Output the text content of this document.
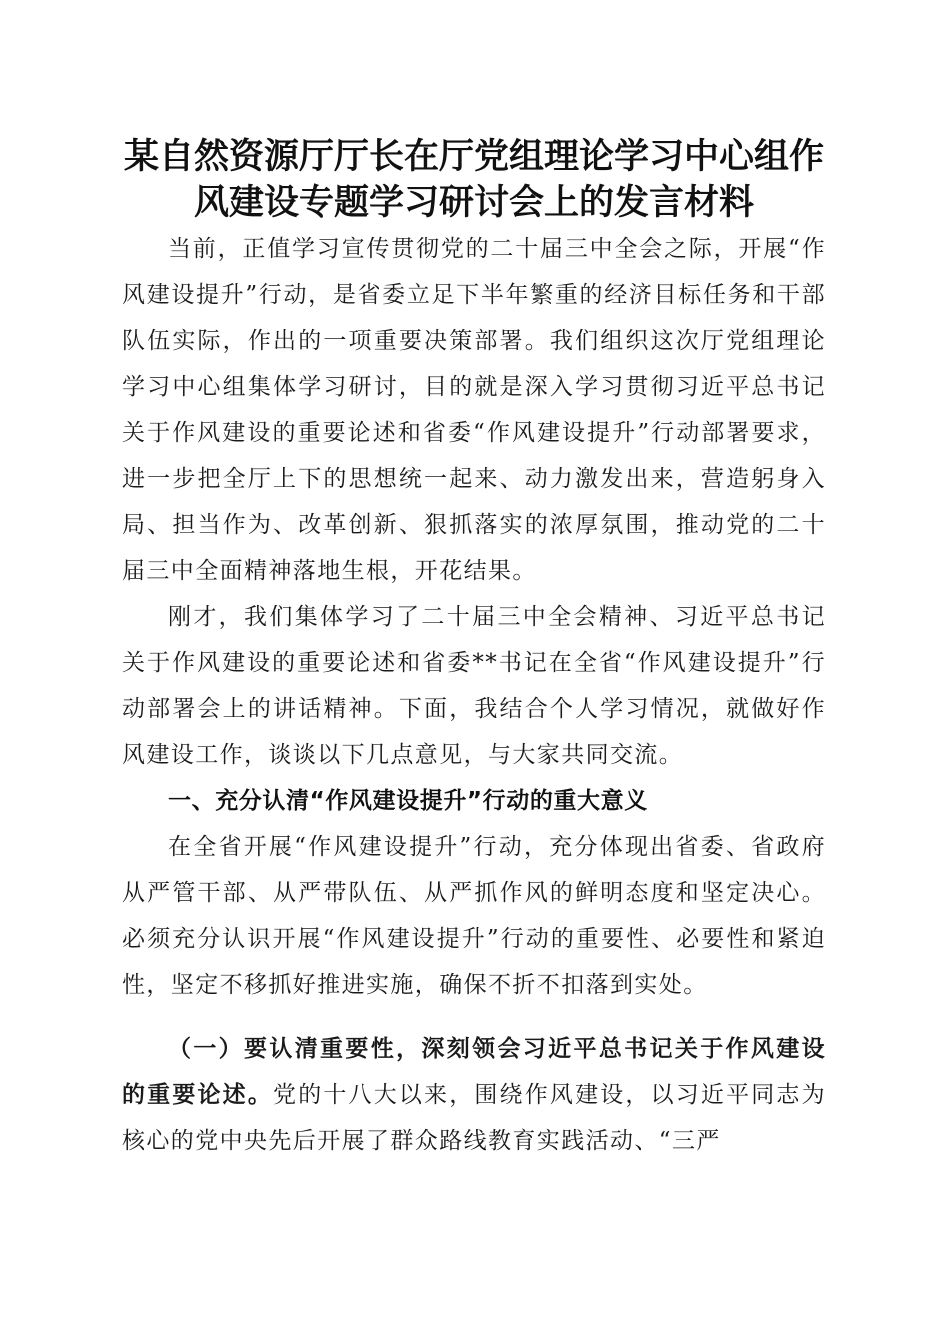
某自然资源厅厅长在厅党组理论学习中心组作
风建设专题学习研讨会上的发言材料

当前，正值学习宣传贯彻党的二十届三中全会之际，开展“作风建设提升”行动，是省委立足下半年繁重的经济目标任务和干部队伍实际，作出的一项重要决策部署。我们组织这次厅党组理论学习中心组集体学习研讨，目的就是深入学习贯彻习近平总书记关于作风建设的重要论述和省委“作风建设提升”行动部署要求，进一步把全厅上下的思想统一起来、动力激发出来，营造躬身入局、担当作为、改革创新、狠抓落实的浓厚氛围，推动党的二十届三中全面精神落地生根，开花结果。

刚才，我们集体学习了二十届三中全会精神、习近平总书记关于作风建设的重要论述和省委**书记在全省“作风建设提升”行动部署会上的讲话精神。下面，我结合个人学习情况，就做好作风建设工作，谈谈以下几点意见，与大家共同交流。

一、充分认清“作风建设提升”行动的重大意义

在全省开展“作风建设提升”行动，充分体现出省委、省政府从严管干部、从严带队伍、从严抓作风的鲜明态度和坚定决心。必须充分认识开展“作风建设提升”行动的重要性、必要性和紧迫性，坚定不移抓好推进实施，确保不折不扣落到实处。

（一）要认清重要性，深刻领会习近平总书记关于作风建设的重要论述。党的十八大以来，围绕作风建设，以习近平同志为核心的党中央先后开展了群众路线教育实践活动、“三严
